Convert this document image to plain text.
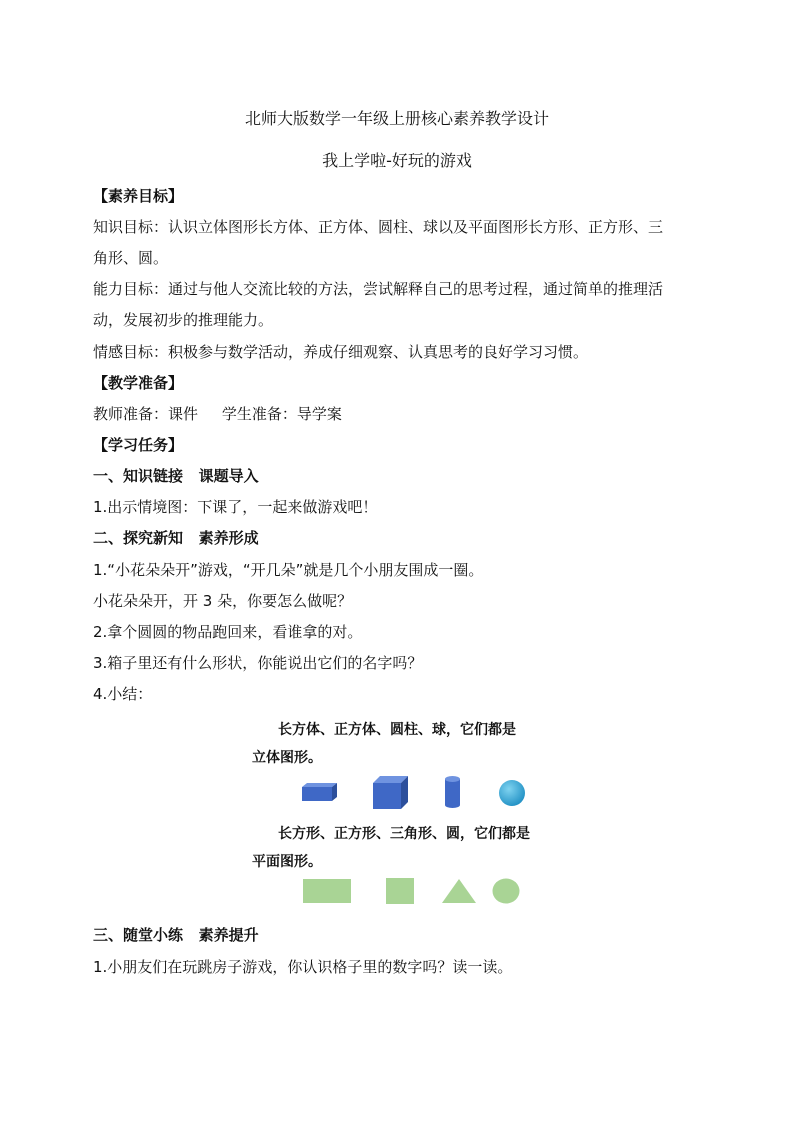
北师大版数学一年级上册核心素养教学设计
我上学啦-好玩的游戏
【素养目标】
知识目标：认识立体图形长方体、正方体、圆柱、球以及平面图形长方形、正方形、三
角形、圆。
能力目标：通过与他人交流比较的方法，尝试解释自己的思考过程，通过简单的推理活
动，发展初步的推理能力。
情感目标：积极参与数学活动，养成仔细观察、认真思考的良好学习习惯。
【教学准备】
教师准备：课件     学生准备：导学案
【学习任务】
一、知识链接   课题导入
1.出示情境图：下课了，一起来做游戏吧！
二、探究新知   素养形成
1.“小花朵朵开”游戏，“开几朵”就是几个小朋友围成一圈。
小花朵朵开，开 3 朵，你要怎么做呢？
2.拿个圆圆的物品跑回来，看谁拿的对。
3.箱子里还有什么形状，你能说出它们的名字吗？
4.小结：
长方体、正方体、圆柱、球，它们都是
立体图形。
长方形、正方形、三角形、圆，它们都是
平面图形。
三、随堂小练   素养提升
1.小朋友们在玩跳房子游戏，你认识格子里的数字吗？读一读。
